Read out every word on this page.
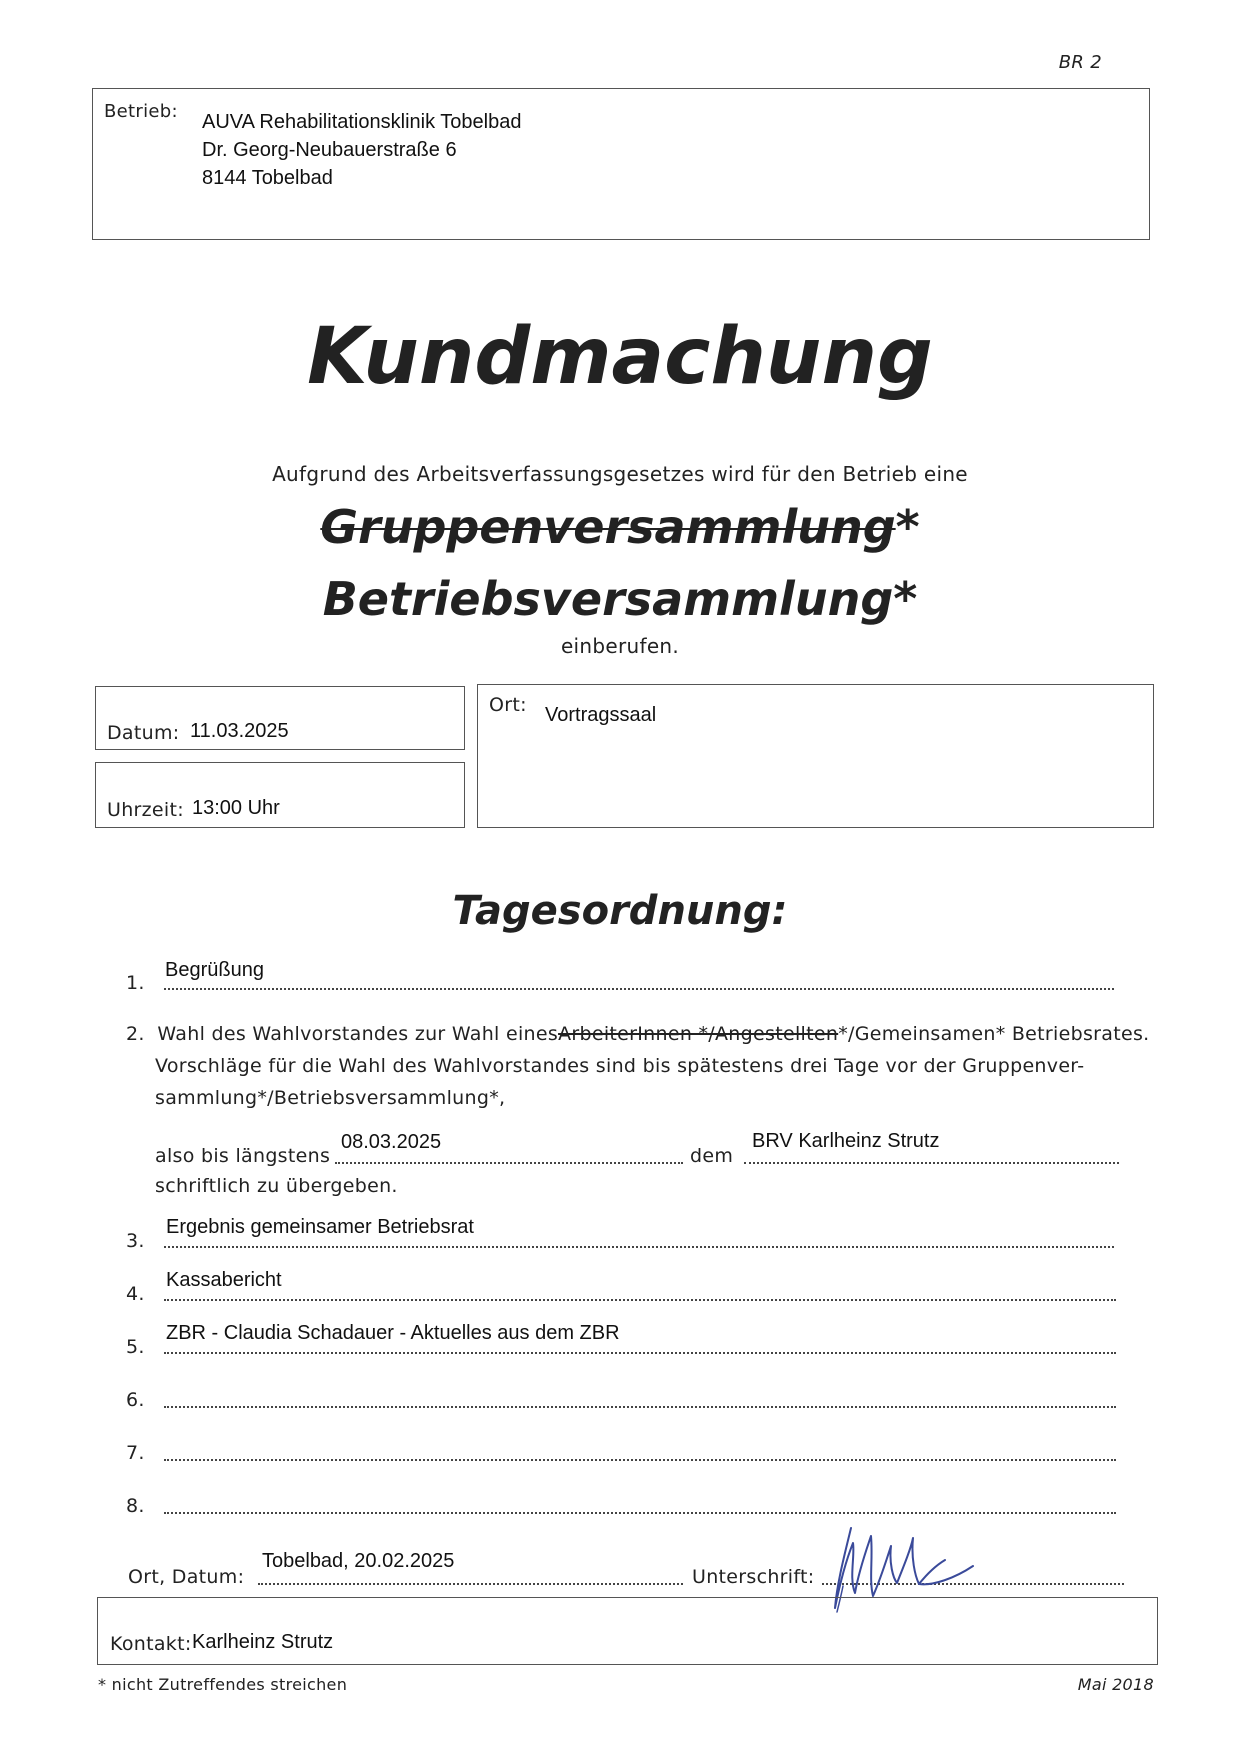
BR 2
Betrieb: AUVA Rehabilitationsklinik Tobelbad
Dr. Georg-Neubauerstraße 6
8144 Tobelbad
Kundmachung
Aufgrund des Arbeitsverfassungsgesetzes wird für den Betrieb eine
Gruppenversammlung*
Betriebsversammlung*
einberufen.
Datum: 11.03.2025
Uhrzeit: 13:00 Uhr
Ort: Vortragssaal
Tagesordnung:
1.
Begrüßung
2. Wahl des Wahlvorstandes zur Wahl einesArbeiterInnen */Angestellten*/Gemeinsamen* Betriebsrates.
Vorschläge für die Wahl des Wahlvorstandes sind bis spätestens drei Tage vor der Gruppenver-
sammlung*/Betriebsversammlung*,
also bis längstens
08.03.2025
dem
BRV Karlheinz Strutz
schriftlich zu übergeben.
3.
Ergebnis gemeinsamer Betriebsrat
4.
Kassabericht
5.
ZBR - Claudia Schadauer - Aktuelles aus dem ZBR
6.
7.
8.
Ort, Datum:
Tobelbad, 20.02.2025
Unterschrift:
Kontakt: Karlheinz Strutz
* nicht Zutreffendes streichen	Mai 2018
